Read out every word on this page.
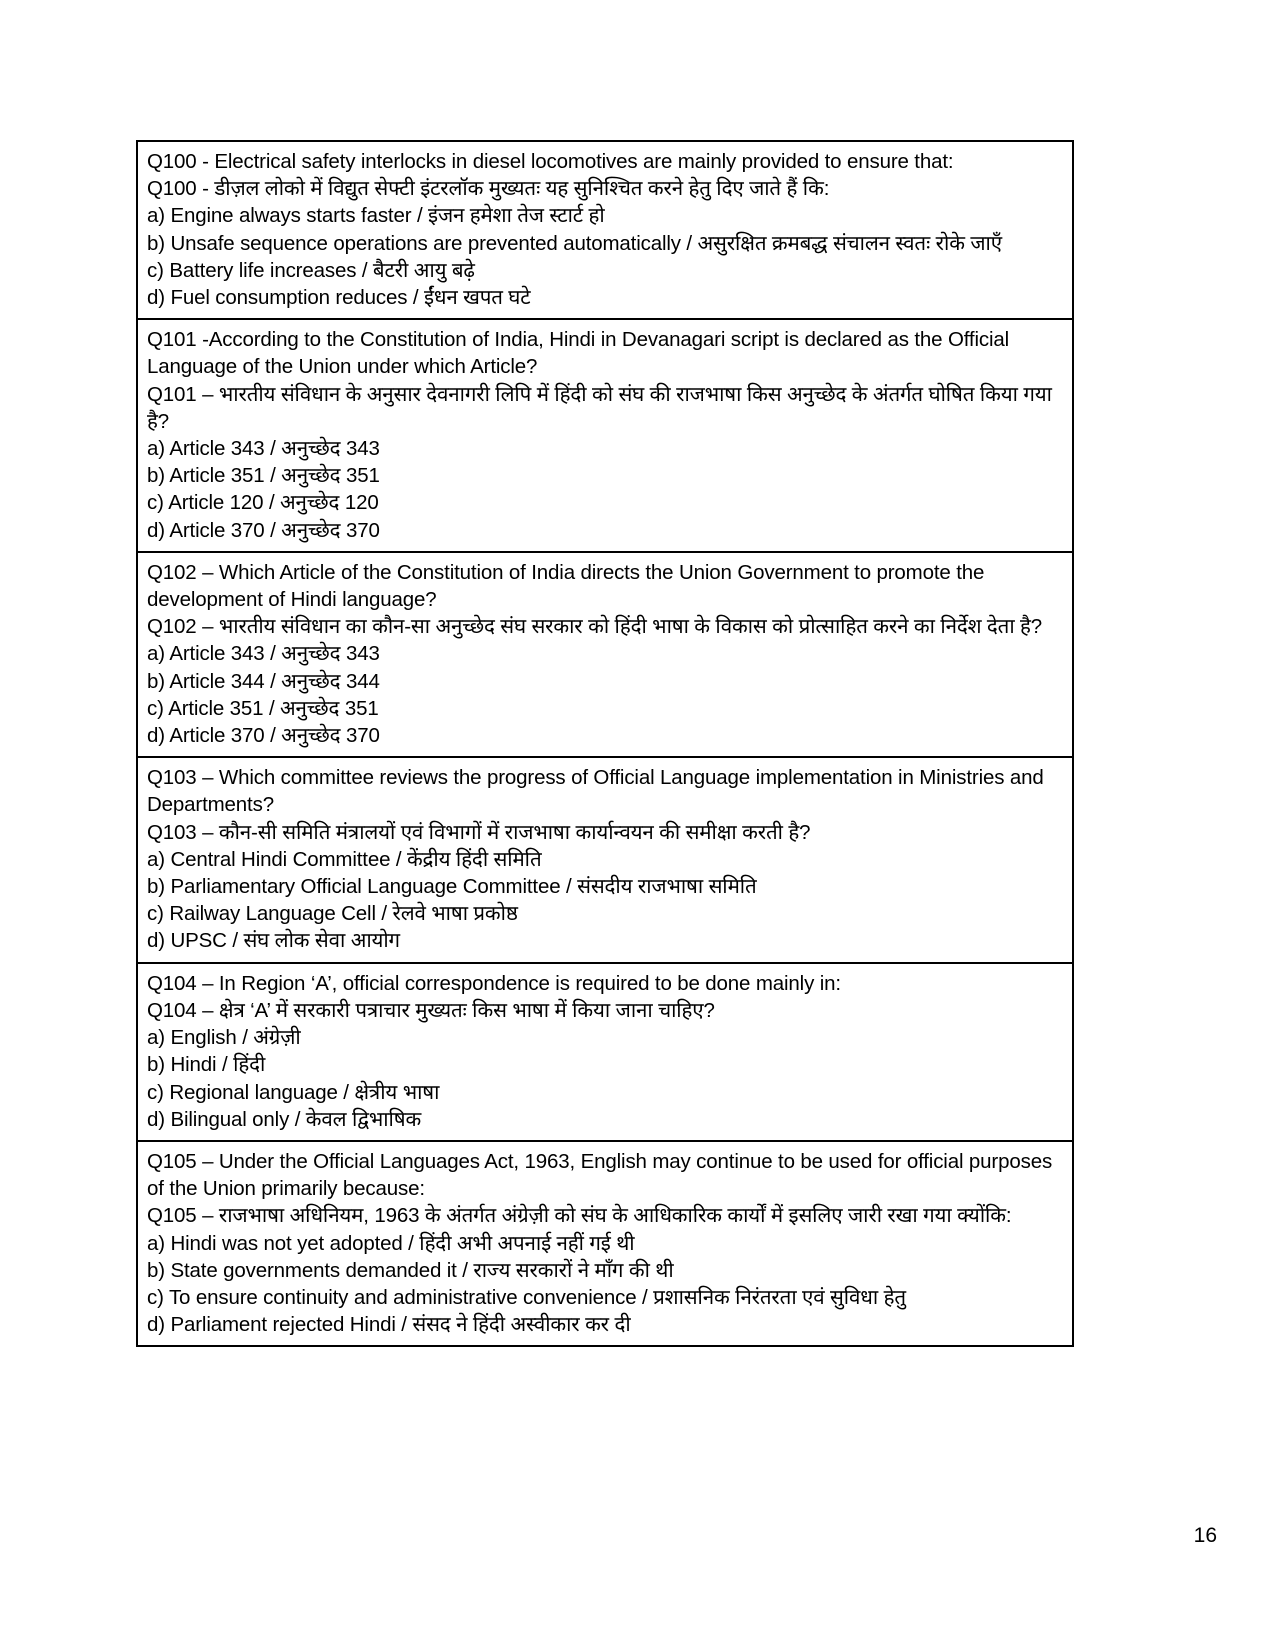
Q100 - Electrical safety interlocks in diesel locomotives are mainly provided to ensure that:
Q100 - डीज़ल लोको में विद्युत सेफ्टी इंटरलॉक मुख्यतः यह सुनिश्चित करने हेतु दिए जाते हैं कि:
a) Engine always starts faster / इंजन हमेशा तेज स्टार्ट हो
b) Unsafe sequence operations are prevented automatically / असुरक्षित क्रमबद्ध संचालन स्वतः रोके जाएँ
c) Battery life increases / बैटरी आयु बढ़े
d) Fuel consumption reduces / ईंधन खपत घटे
Q101 -According to the Constitution of India, Hindi in Devanagari script is declared as the Official Language of the Union under which Article?
Q101 – भारतीय संविधान के अनुसार देवनागरी लिपि में हिंदी को संघ की राजभाषा किस अनुच्छेद के अंतर्गत घोषित किया गया है?
a) Article 343 / अनुच्छेद 343
b) Article 351 / अनुच्छेद 351
c) Article 120 / अनुच्छेद 120
d) Article 370 / अनुच्छेद 370
Q102 – Which Article of the Constitution of India directs the Union Government to promote the development of Hindi language?
Q102 – भारतीय संविधान का कौन-सा अनुच्छेद संघ सरकार को हिंदी भाषा के विकास को प्रोत्साहित करने का निर्देश देता है?
a) Article 343 / अनुच्छेद 343
b) Article 344 / अनुच्छेद 344
c) Article 351 / अनुच्छेद 351
d) Article 370 / अनुच्छेद 370
Q103 – Which committee reviews the progress of Official Language implementation in Ministries and Departments?
Q103 – कौन-सी समिति मंत्रालयों एवं विभागों में राजभाषा कार्यान्वयन की समीक्षा करती है?
a) Central Hindi Committee / केंद्रीय हिंदी समिति
b) Parliamentary Official Language Committee / संसदीय राजभाषा समिति
c) Railway Language Cell / रेलवे भाषा प्रकोष्ठ
d) UPSC / संघ लोक सेवा आयोग
Q104 – In Region ‘A’, official correspondence is required to be done mainly in:
Q104 – क्षेत्र ‘A’ में सरकारी पत्राचार मुख्यतः किस भाषा में किया जाना चाहिए?
a) English / अंग्रेज़ी
b) Hindi / हिंदी
c) Regional language / क्षेत्रीय भाषा
d) Bilingual only / केवल द्विभाषिक
Q105 – Under the Official Languages Act, 1963, English may continue to be used for official purposes of the Union primarily because:
Q105 – राजभाषा अधिनियम, 1963 के अंतर्गत अंग्रेज़ी को संघ के आधिकारिक कार्यों में इसलिए जारी रखा गया क्योंकि:
a) Hindi was not yet adopted / हिंदी अभी अपनाई नहीं गई थी
b) State governments demanded it / राज्य सरकारों ने माँग की थी
c) To ensure continuity and administrative convenience / प्रशासनिक निरंतरता एवं सुविधा हेतु
d) Parliament rejected Hindi / संसद ने हिंदी अस्वीकार कर दी
16
